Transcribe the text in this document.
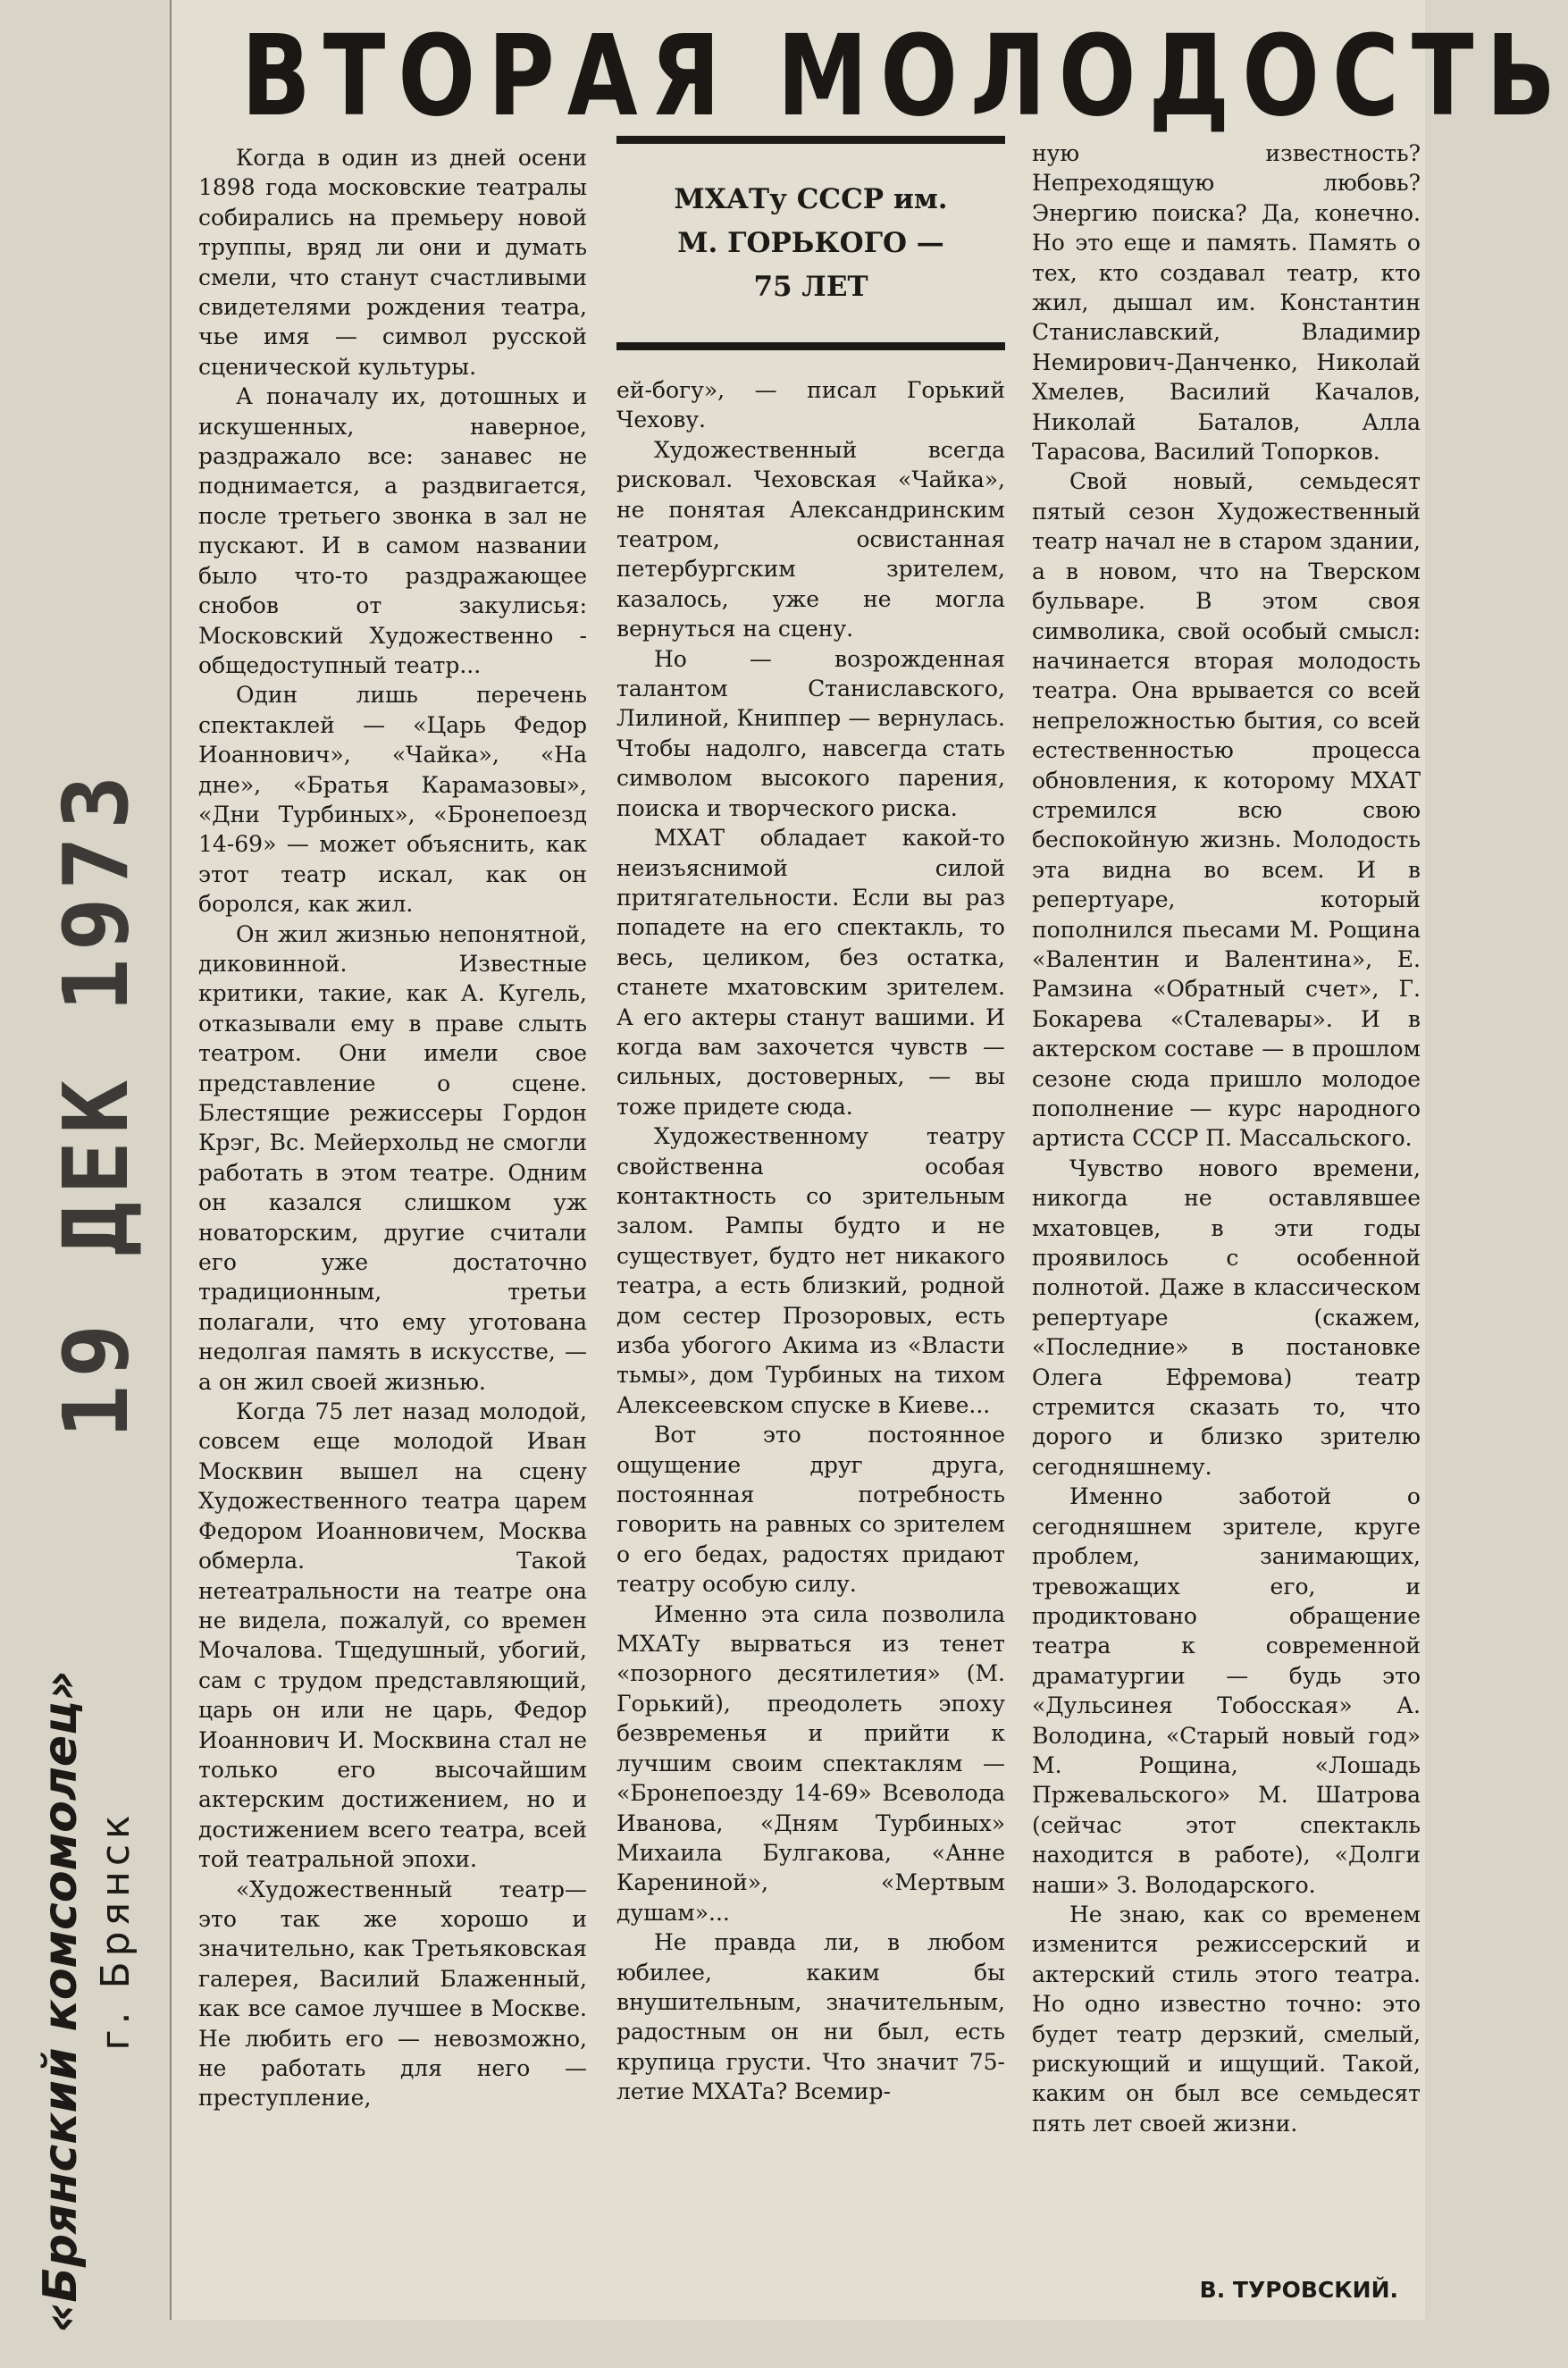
ВТОРАЯ МОЛОДОСТЬ

Когда в один из дней осени 1898 года московские театралы собирались на премьеру новой труппы, вряд ли они и думать смели, что станут счастливыми свидетелями рождения театра, чье имя — символ русской сценической культуры.

А поначалу их, дотошных и искушенных, наверное, раздражало все: занавес не поднимается, а раздвигается, после третьего звонка в зал не пускают. И в самом названии было что-то раздражающее снобов от закулисья: Московский Художественно - общедоступный театр...

Один лишь перечень спектаклей — «Царь Федор Иоаннович», «Чайка», «На дне», «Братья Карамазовы», «Дни Турбиных», «Бронепоезд 14-69» — может объяснить, как этот театр искал, как он боролся, как жил.

Он жил жизнью непонятной, диковинной. Известные критики, такие, как А. Кугель, отказывали ему в праве слыть театром. Они имели свое представление о сцене. Блестящие режиссеры Гордон Крэг, Вс. Мейерхольд не смогли работать в этом театре. Одним он казался слишком уж новаторским, другие считали его уже достаточно традиционным, третьи полагали, что ему уготована недолгая память в искусстве, — а он жил своей жизнью.

Когда 75 лет назад молодой, совсем еще молодой Иван Москвин вышел на сцену Художественного театра царем Федором Иоанновичем, Москва обмерла. Такой нетеатральности на театре она не видела, пожалуй, со времен Мочалова. Тщедушный, убогий, сам с трудом представляющий, царь он или не царь, Федор Иоаннович И. Москвина стал не только его высочайшим актерским достижением, но и достижением всего театра, всей той театральной эпохи.

«Художественный театр— это так же хорошо и значительно, как Третьяковская галерея, Василий Блаженный, как все самое лучшее в Москве. Не любить его — невозможно, не работать для него — преступление,

МХАТу СССР им.
М. ГОРЬКОГО —
75 ЛЕТ

ей-богу», — писал Горький Чехову.

Художественный всегда рисковал. Чеховская «Чайка», не понятая Александринским театром, освистанная петербургским зрителем, казалось, уже не могла вернуться на сцену.

Но — возрожденная талантом Станиславского, Лилиной, Книппер — вернулась. Чтобы надолго, навсегда стать символом высокого парения, поиска и творческого риска.

МХАТ обладает какой-то неизъяснимой силой притягательности. Если вы раз попадете на его спектакль, то весь, целиком, без остатка, станете мхатовским зрителем. А его актеры станут вашими. И когда вам захочется чувств — сильных, достоверных, — вы тоже придете сюда.

Художественному театру свойственна особая контактность со зрительным залом. Рампы будто и не существует, будто нет никакого театра, а есть близкий, родной дом сестер Прозоровых, есть изба убогого Акима из «Власти тьмы», дом Турбиных на тихом Алексеевском спуске в Киеве...

Вот это постоянное ощущение друг друга, постоянная потребность говорить на равных со зрителем о его бедах, радостях придают театру особую силу.

Именно эта сила позволила МХАТу вырваться из тенет «позорного десятилетия» (М. Горький), преодолеть эпоху безвременья и прийти к лучшим своим спектаклям — «Бронепоезду 14-69» Всеволода Иванова, «Дням Турбиных» Михаила Булгакова, «Анне Карениной», «Мертвым душам»...

Не правда ли, в любом юбилее, каким бы внушительным, значительным, радостным он ни был, есть крупица грусти. Что значит 75-летие МХАТа? Всемир-

ную известность? Непреходящую любовь? Энергию поиска? Да, конечно. Но это еще и память. Память о тех, кто создавал театр, кто жил, дышал им. Константин Станиславский, Владимир Немирович-Данченко, Николай Хмелев, Василий Качалов, Николай Баталов, Алла Тарасова, Василий Топорков.

Свой новый, семьдесят пятый сезон Художественный театр начал не в старом здании, а в новом, что на Тверском бульваре. В этом своя символика, свой особый смысл: начинается вторая молодость театра. Она врывается со всей непреложностью бытия, со всей естественностью процесса обновления, к которому МХАТ стремился всю свою беспокойную жизнь. Молодость эта видна во всем. И в репертуаре, который пополнился пьесами М. Рощина «Валентин и Валентина», Е. Рамзина «Обратный счет», Г. Бокарева «Сталевары». И в актерском составе — в прошлом сезоне сюда пришло молодое пополнение — курс народного артиста СССР П. Массальского.

Чувство нового времени, никогда не оставлявшее мхатовцев, в эти годы проявилось с особенной полнотой. Даже в классическом репертуаре (скажем, «Последние» в постановке Олега Ефремова) театр стремится сказать то, что дорого и близко зрителю сегодняшнему.

Именно заботой о сегодняшнем зрителе, круге проблем, занимающих, тревожащих его, и продиктовано обращение театра к современной драматургии — будь это «Дульсинея Тобосская» А. Володина, «Старый новый год» М. Рощина, «Лошадь Пржевальского» М. Шатрова (сейчас этот спектакль находится в работе), «Долги наши» З. Володарского.

Не знаю, как со временем изменится режиссерский и актерский стиль этого театра. Но одно известно точно: это будет театр дерзкий, смелый, рискующий и ищущий. Такой, каким он был все семьдесят пять лет своей жизни.

В. ТУРОВСКИЙ.
19 ДЕК 1973
«Брянский комсомолец» г. Брянск
